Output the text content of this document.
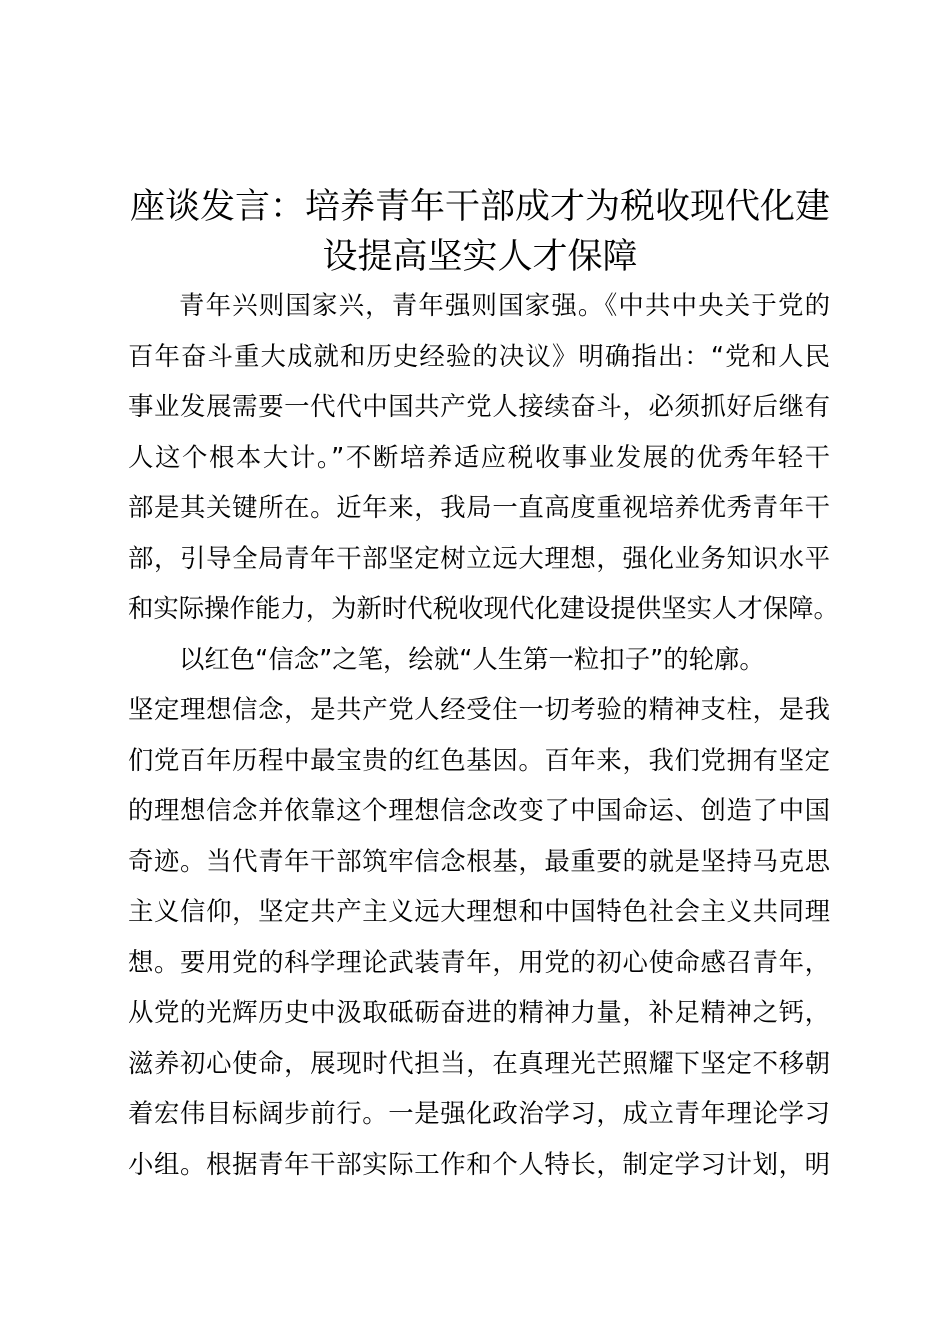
座谈发言：培养青年干部成才为税收现代化建
设提高坚实人才保障
青年兴则国家兴，青年强则国家强。《中共中央关于党的
百年奋斗重大成就和历史经验的决议》明确指出：“党和人民
事业发展需要一代代中国共产党人接续奋斗，必须抓好后继有
人这个根本大计。”不断培养适应税收事业发展的优秀年轻干
部是其关键所在。近年来，我局一直高度重视培养优秀青年干
部，引导全局青年干部坚定树立远大理想，强化业务知识水平
和实际操作能力，为新时代税收现代化建设提供坚实人才保障。
以红色“信念”之笔，绘就“人生第一粒扣子”的轮廓。
坚定理想信念，是共产党人经受住一切考验的精神支柱，是我
们党百年历程中最宝贵的红色基因。百年来，我们党拥有坚定
的理想信念并依靠这个理想信念改变了中国命运、创造了中国
奇迹。当代青年干部筑牢信念根基，最重要的就是坚持马克思
主义信仰，坚定共产主义远大理想和中国特色社会主义共同理
想。要用党的科学理论武装青年，用党的初心使命感召青年，
从党的光辉历史中汲取砥砺奋进的精神力量，补足精神之钙，
滋养初心使命，展现时代担当，在真理光芒照耀下坚定不移朝
着宏伟目标阔步前行。一是强化政治学习，成立青年理论学习
小组。根据青年干部实际工作和个人特长，制定学习计划，明
